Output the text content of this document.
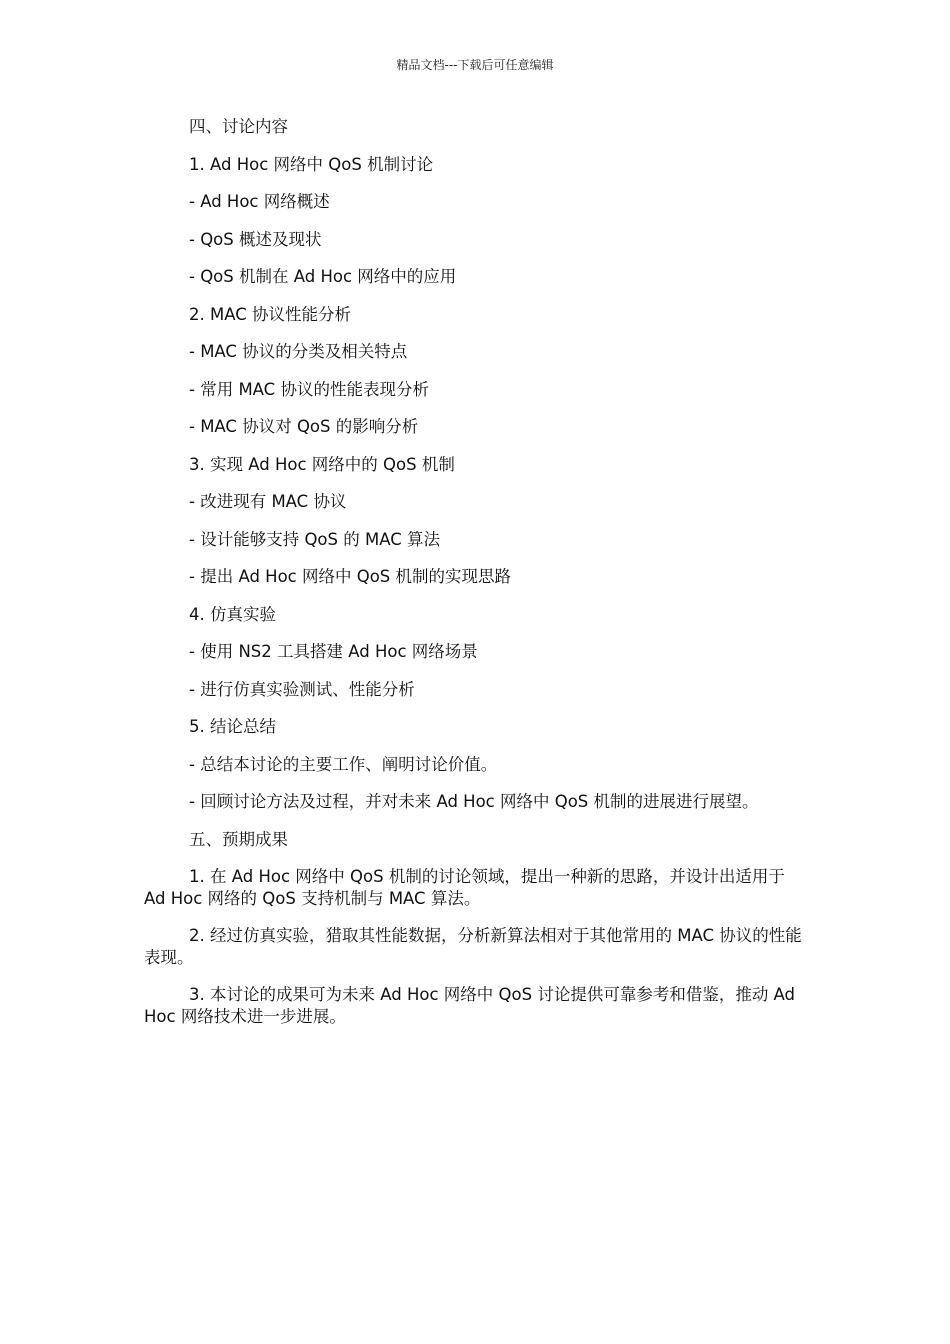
精品文档---下载后可任意编辑
四、讨论内容
1. Ad Hoc 网络中 QoS 机制讨论
- Ad Hoc 网络概述
- QoS 概述及现状
- QoS 机制在 Ad Hoc 网络中的应用
2. MAC 协议性能分析
- MAC 协议的分类及相关特点
- 常用 MAC 协议的性能表现分析
- MAC 协议对 QoS 的影响分析
3. 实现 Ad Hoc 网络中的 QoS 机制
- 改进现有 MAC 协议
- 设计能够支持 QoS 的 MAC 算法
- 提出 Ad Hoc 网络中 QoS 机制的实现思路
4. 仿真实验
- 使用 NS2 工具搭建 Ad Hoc 网络场景
- 进行仿真实验测试、性能分析
5. 结论总结
- 总结本讨论的主要工作、阐明讨论价值。
- 回顾讨论方法及过程，并对未来 Ad Hoc 网络中 QoS 机制的进展进行展望。
五、预期成果
1. 在 Ad Hoc 网络中 QoS 机制的讨论领域，提出一种新的思路，并设计出适用于 Ad Hoc 网络的 QoS 支持机制与 MAC 算法。
2. 经过仿真实验，猎取其性能数据，分析新算法相对于其他常用的 MAC 协议的性能表现。
3. 本讨论的成果可为未来 Ad Hoc 网络中 QoS 讨论提供可靠参考和借鉴，推动 Ad Hoc 网络技术进一步进展。
